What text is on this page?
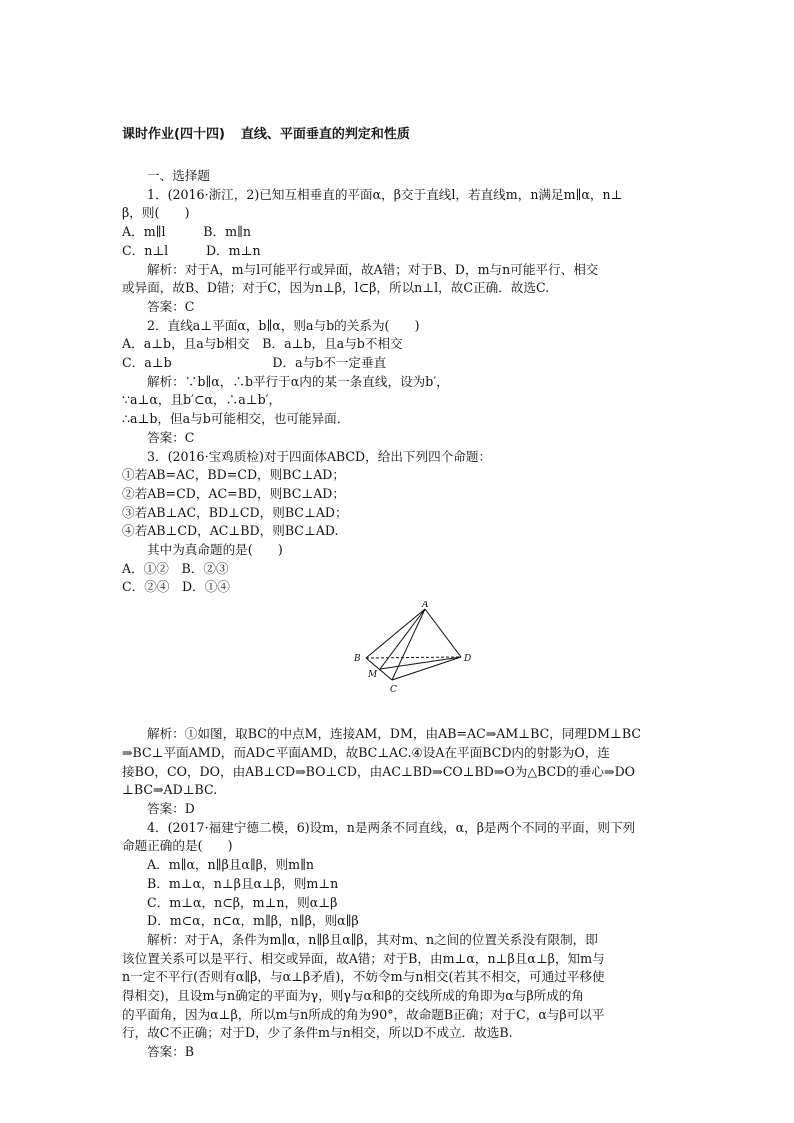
课时作业(四十四) 直线、平面垂直的判定和性质
一、选择题
1．(2016·浙江，2)已知互相垂直的平面α，β交于直线l，若直线m，n满足m∥α，n⊥
β，则(　　)
A．m∥l　　　B．m∥n
C．n⊥l　　　D．m⊥n
解析：对于A，m与l可能平行或异面，故A错；对于B、D，m与n可能平行、相交
或异面，故B、D错；对于C，因为n⊥β，l⊂β，所以n⊥l，故C正确．故选C.
答案：C
2．直线a⊥平面α，b∥α，则a与b的关系为(　　)
A．a⊥b，且a与b相交　B．a⊥b，且a与b不相交
C．a⊥b　　　　　　　　D．a与b不一定垂直
解析：∵b∥α，∴b平行于α内的某一条直线，设为b′，
∵a⊥α，且b′⊂α，∴a⊥b′，
∴a⊥b，但a与b可能相交，也可能异面．
答案：C
3．(2016·宝鸡质检)对于四面体ABCD，给出下列四个命题：
①若AB=AC，BD=CD，则BC⊥AD；
②若AB=CD，AC=BD，则BC⊥AD；
③若AB⊥AC，BD⊥CD，则BC⊥AD；
④若AB⊥CD，AC⊥BD，则BC⊥AD.
其中为真命题的是(　　)
A．①②　B．②③
C．②④　D．①④
A
B
C
D
M
解析：①如图，取BC的中点M，连接AM，DM，由AB=AC⇒AM⊥BC，同理DM⊥BC
⇒BC⊥平面AMD，而AD⊂平面AMD，故BC⊥AC.④设A在平面BCD内的射影为O，连
接BO，CO，DO，由AB⊥CD⇒BO⊥CD，由AC⊥BD⇒CO⊥BD⇒O为△BCD的垂心⇒DO
⊥BC⇒AD⊥BC.
答案：D
4．(2017·福建宁德二模，6)设m，n是两条不同直线，α，β是两个不同的平面，则下列
命题正确的是(　　)
A．m∥α，n∥β且α∥β，则m∥n
B．m⊥α，n⊥β且α⊥β，则m⊥n
C．m⊥α，n⊂β，m⊥n，则α⊥β
D．m⊂α，n⊂α，m∥β，n∥β，则α∥β
解析：对于A，条件为m∥α，n∥β且α∥β，其对m、n之间的位置关系没有限制，即
该位置关系可以是平行、相交或异面，故A错；对于B，由m⊥α，n⊥β且α⊥β，知m与
n一定不平行(否则有α∥β，与α⊥β矛盾)，不妨令m与n相交(若其不相交，可通过平移使
得相交)，且设m与n确定的平面为γ，则γ与α和β的交线所成的角即为α与β所成的角
的平面角，因为α⊥β，所以m与n所成的角为90°，故命题B正确；对于C，α与β可以平
行，故C不正确；对于D，少了条件m与n相交，所以D不成立．故选B.
答案：B
